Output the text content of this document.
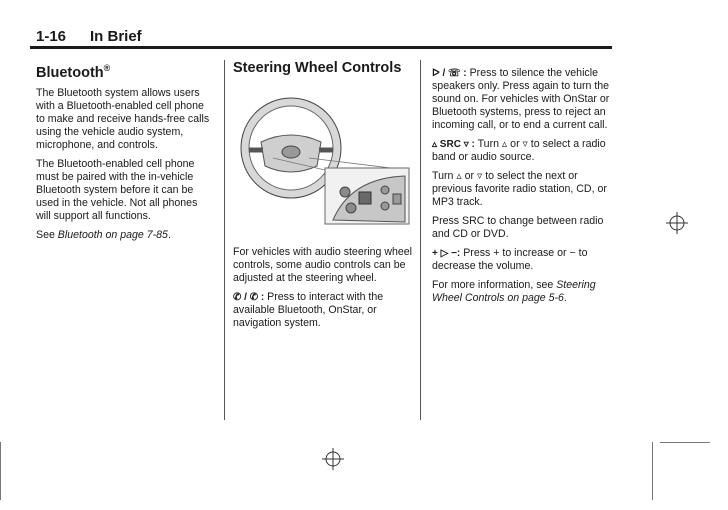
1-16 In Brief
Bluetooth®

The Bluetooth system allows users with a Bluetooth-enabled cell phone to make and receive hands-free calls using the vehicle audio system, microphone, and controls.

The Bluetooth-enabled cell phone must be paired with the in-vehicle Bluetooth system before it can be used in the vehicle. Not all phones will support all functions.

See Bluetooth on page 7-85.

Steering Wheel Controls

For vehicles with audio steering wheel controls, some audio controls can be adjusted at the steering wheel.

✆ / ✆ : Press to interact with the available Bluetooth, OnStar, or navigation system.

ᐅ / ☏ : Press to silence the vehicle speakers only. Press again to turn the sound on. For vehicles with OnStar or Bluetooth systems, press to reject an incoming call, or to end a current call.

▵ SRC ▿ : Turn ▵ or ▿ to select a radio band or audio source.

Turn ▵ or ▿ to select the next or previous favorite radio station, CD, or MP3 track.

Press SRC to change between radio and CD or DVD.

+ ▷ −: Press + to increase or − to decrease the volume.

For more information, see Steering Wheel Controls on page 5-6.
